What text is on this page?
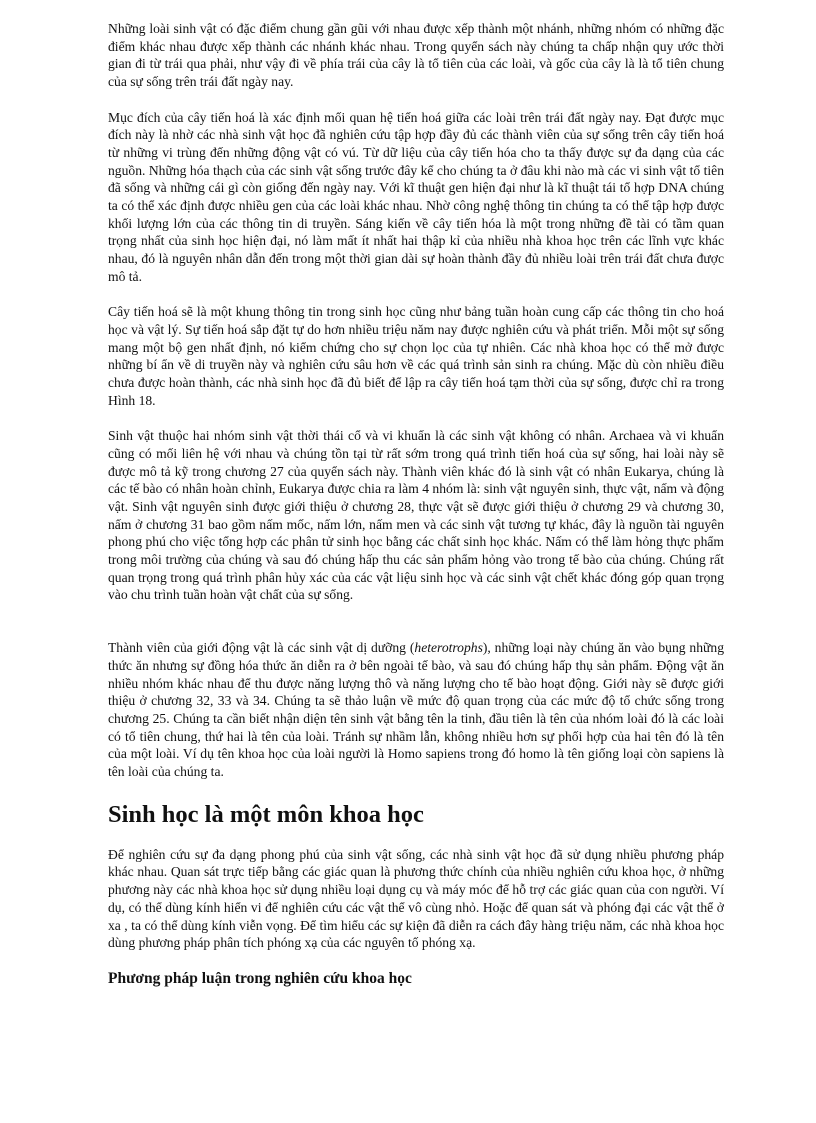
Những loài sinh vật có đặc điểm chung gần gũi với nhau được xếp thành một nhánh, những nhóm có những đặc điểm khác nhau được xếp thành các nhánh khác nhau. Trong quyển sách này chúng ta chấp nhận quy ước thời gian đi từ trái qua phải, như vậy đi về phía trái của cây là tổ tiên của các loài, và gốc của cây là là tổ tiên chung của sự sống trên trái đất ngày nay.

Mục đích của cây tiến hoá là xác định mối quan hệ tiến hoá giữa các loài trên trái đất ngày nay. Đạt được mục đích này là nhờ các nhà sinh vật học đã nghiên cứu tập hợp đầy đủ các thành viên của sự sống trên cây tiến hoá từ những vi trùng đến những động vật có vú. Từ dữ liệu của cây tiến hóa cho ta thấy được sự đa dạng của các nguồn. Những hóa thạch của các sinh vật sống trước đây kể cho chúng ta ở đâu khi nào mà các vi sinh vật tổ tiên đã sống và những cái gì còn giống đến ngày nay. Với kĩ thuật gen hiện đại như là kĩ thuật tái tổ hợp DNA chúng ta có thể xác định được nhiều gen của các loài khác nhau. Nhờ công nghệ thông tin chúng ta có thể tập hợp được khối lượng lớn của các thông tin di truyền. Sáng kiến về cây tiến hóa là một trong những đề tài có tầm quan trọng nhất của sinh học hiện đại, nó làm mất ít nhất hai thập kỉ của nhiều nhà khoa học trên các lĩnh vực khác nhau, đó là nguyên nhân dẫn đến trong một thời gian dài sự hoàn thành đầy đủ nhiều loài trên trái đất chưa được mô tả.

Cây tiến hoá sẽ là một khung thông tin trong sinh học cũng như bảng tuần hoàn cung cấp các thông tin cho hoá học và vật lý. Sự tiến hoá sắp đặt tự do hơn nhiều triệu năm nay được nghiên cứu và phát triển. Mỗi một sự sống mang một bộ gen nhất định, nó kiểm chứng cho sự chọn lọc của tự nhiên. Các nhà khoa học có thể mở được những bí ẩn về di truyền này và nghiên cứu sâu hơn về các quá trình sản sinh ra chúng. Mặc dù còn nhiều điều chưa được hoàn thành, các nhà sinh học đã đủ biết để lập ra cây tiến hoá tạm thời của sự sống, được chỉ ra trong Hình 18.

Sinh vật thuộc hai nhóm sinh vật thời thái cổ và vi khuẩn là các sinh vật không có nhân. Archaea và vi khuẩn cũng có mối liên hệ với nhau và chúng tồn tại từ rất sớm trong quá trình tiến hoá của sự sống, hai loài này sẽ được mô tả kỹ trong chương 27 của quyển sách này. Thành viên khác đó là sinh vật có nhân Eukarya, chúng là các tế bào có nhân hoàn chỉnh, Eukarya được chia ra làm 4 nhóm là: sinh vật nguyên sinh, thực vật, nấm và động vật. Sinh vật nguyên sinh được giới thiệu ở chương 28, thực vật sẽ được giới thiệu ở chương 29 và chương 30, nấm ở chương 31 bao gồm nấm mốc, nấm lớn, nấm men và các sinh vật tương tự khác, đây là nguồn tài nguyên phong phú cho việc tổng hợp các phân tử sinh học bằng các chất sinh học khác. Nấm có thể làm hỏng thực phẩm trong môi trường của chúng và sau đó chúng hấp thu các sản phẩm hỏng vào trong tế bào của chúng. Chúng rất quan trọng trong quá trình phân hủy xác của các vật liệu sinh học và các sinh vật chết khác đóng góp quan trọng vào chu trình tuần hoàn vật chất của sự sống.

Thành viên của giới động vật là các sinh vật dị dưỡng (heterotrophs), những loại này chúng ăn vào bụng những thức ăn nhưng sự đồng hóa thức ăn diễn ra ở bên ngoài tế bào, và sau đó chúng hấp thụ sản phẩm. Động vật ăn nhiều nhóm khác nhau để thu được năng lượng thô và năng lượng cho tế bào hoạt động. Giới này sẽ được giới thiệu ở chương 32, 33 và 34. Chúng ta sẽ thảo luận về mức độ quan trọng của các mức độ tổ chức sống trong chương 25. Chúng ta cần biết nhận diện tên sinh vật bằng tên la tinh, đầu tiên là tên của nhóm loài đó là các loài có tổ tiên chung, thứ hai là tên của loài. Tránh sự nhầm lẫn, không nhiều hơn sự phối hợp của hai tên đó là tên của một loài. Ví dụ tên khoa học của loài người là Homo sapiens trong đó homo là tên giống loại còn sapiens là tên loài của chúng ta.

Sinh học là một môn khoa học

Để nghiên cứu sự đa dạng phong phú của sinh vật sống, các nhà sinh vật học đã sử dụng nhiều phương pháp khác nhau. Quan sát trực tiếp bằng các giác quan là phương thức chính của nhiều nghiên cứu khoa học, ở những phương này các nhà khoa học sử dụng nhiều loại dụng cụ và máy móc để hỗ trợ các giác quan của con người. Ví dụ, có thể dùng kính hiển vi để nghiên cứu các vật thể vô cùng nhỏ. Hoặc để quan sát và phóng đại các vật thể ở xa , ta có thể dùng kính viễn vọng. Để tìm hiểu các sự kiện đã diễn ra cách đây hàng triệu năm, các nhà khoa học dùng phương pháp phân tích phóng xạ của các nguyên tố phóng xạ.

Phương pháp luận trong nghiên cứu khoa học
